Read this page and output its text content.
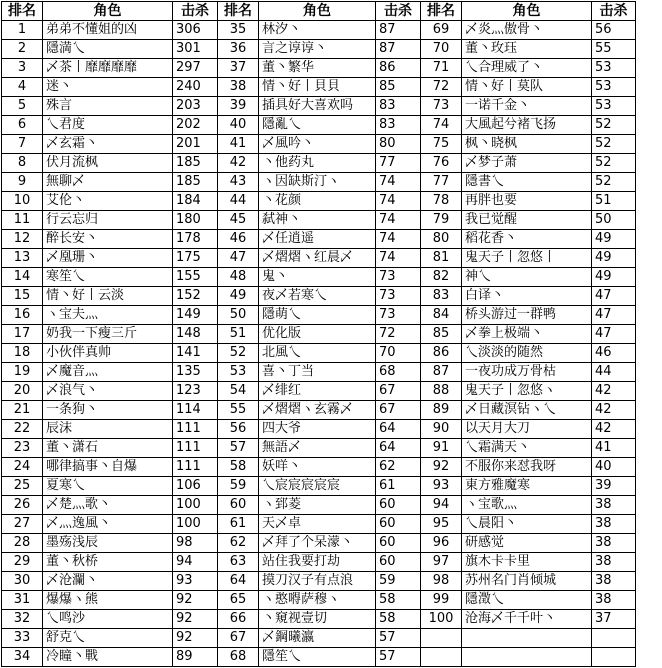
排名	角色	击杀	排名	角色	击杀	排名	角色	击杀
1	弟弟不懂姐的凶	306	35	林汐丶	87	69	乄炎灬傲骨丶	56
2	隱満乀	301	36	言之谆谆丶	87	70	董丶玫珏	55
3	乄茶丨靡靡靡靡	297	37	董丶繁华	86	71	乀合理威了丶	53
4	迷丶	240	38	情丶好丨貝貝	85	72	情丶好丨莫队	53
5	殊言	203	39	插具好大喜欢吗	83	73	一诺千金丶	53
6	乀君度	202	40	隱亂乀	83	74	大風起兮褚飞扬	52
7	乄玄霜丶	201	41	乄風吟丶	80	75	枫丶晓枫	52
8	伏月流枫	185	42	丶他药丸	77	76	乄梦子萧	52
9	無聊乄	185	43	ヽ因缺斯汀ヽ	74	77	隱書乀	52
10	艾伦丶	184	44	丶花颜	74	78	再胖也要	51
11	行云忘归	180	45	弑神丶	74	79	我已觉醒	50
12	醉长安丶	178	46	乄任逍遥	74	80	稻花香丶	49
13	乄凰珊丶	175	47	乄熠熠ヽ红晨乄	74	81	鬼天子丨忽悠丨	49
14	寒笙乀	155	48	鬼丶	73	82	神乀	49
15	情丶好丨云淡	152	49	夜乄若寒乀	73	83	白译丶	47
16	ヽ宝夫灬	149	50	隱萌乀	73	84	桥头游过一群鸭	47
17	奶我一下瘦三斤	148	51	优化版	72	85	乄拳上极端丶	47
18	小伙伴真帅	141	52	北風乀	70	86	乀淡淡的随然	46
19	乄魔音灬	135	53	喜丶丁当	68	87	一夜功成万骨枯	44
20	乄浪气丶	123	54	乄绯红	67	88	鬼天子丨忽悠ヽ	42
21	一条狗丶	114	55	乄熠熠ヽ玄霧乄	67	89	乄日藏溟钻ヽ乀	42
22	辰沫	111	56	四大爷	64	90	以天月大刀	42
23	董丶潇石	111	57	無語乄	64	91	乀霜满天丶	41
24	哪律搞事丶自爆	111	58	妖咩丶	62	92	不服你来怼我呀	40
25	夏寒乀	106	59	乀宸宸宸宸宸	61	93	東方雅魔寒	39
26	乄楚灬歌丶	100	60	ヽ郅菱	60	94	ヽ宝歌灬	38
27	乄灬逸風丶	100	61	天乄卓	60	95	乀晨阳丶	38
28	墨殇浅辰	98	62	乄拜了个呆濛丶	60	96	研感觉	38
29	董丶秋桥	94	63	站住我要打劫	60	97	旗木卡卡里	38
30	乄沧瀾丶	93	64	摸刀汉子有点浪	59	98	苏州名门肖倾城	38
31	爆爆ヽ熊	92	65	ヽ憨嘚萨穆ヽ	58	99	隱澂乀	38
32	乀鸣沙	92	66	丶窺视壹切	58	100	沧海乄千千叶丶	37
33	舒克乀	92	67	乄鋼曦瀛	57			
34	冷瞳丶戰	89	68	隱笙乀	57			
